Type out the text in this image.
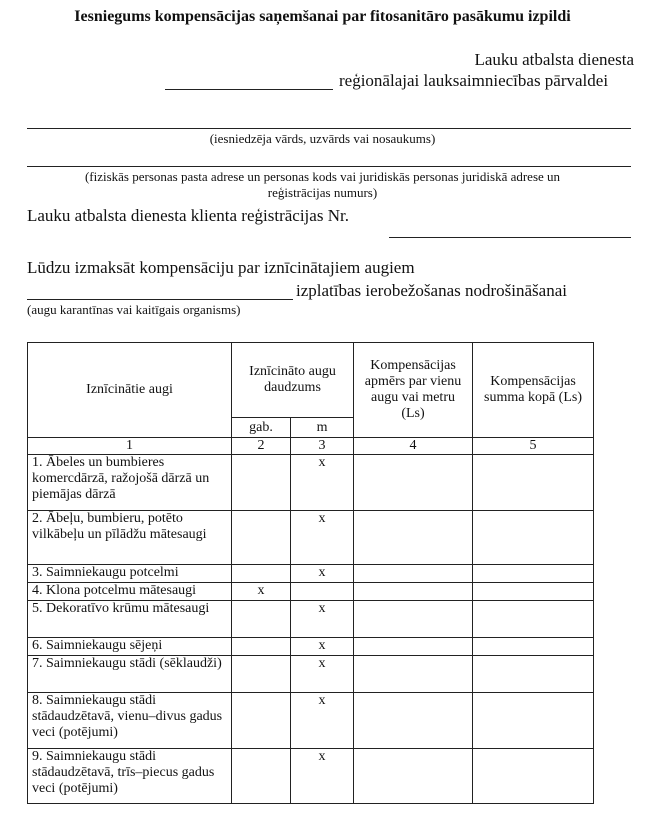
Iesniegums kompensācijas saņemšanai par fitosanitāro pasākumu izpildi
Lauku atbalsta dienesta
reģionālajai lauksaimniecības pārvaldei
(iesniedzēja vārds, uzvārds vai nosaukums)
(fiziskās personas pasta adrese un personas kods vai juridiskās personas juridiskā adrese un
reģistrācijas numurs)
Lauku atbalsta dienesta klienta reģistrācijas Nr.
Lūdzu izmaksāt kompensāciju par iznīcinātajiem augiem
izplatības ierobežošanas nodrošināšanai
(augu karantīnas vai kaitīgais organisms)
Iznīcinātie augi	Iznīcināto augu daudzums		Kompensācijas apmērs par vienu augu vai metru (Ls)	Kompensācijas summa kopā (Ls)
	gab.	m		
1	2	3	4	5
1. Ābeles un bumbieres komercdārzā, ražojošā dārzā un piemājas dārzā		x		
2. Ābeļu, bumbieru, potēto vilkābeļu un pīlādžu mātesaugi		x		
3. Saimniekaugu potcelmi		x		
4. Klona potcelmu mātesaugi	x			
5. Dekoratīvo krūmu mātesaugi		x		
6. Saimniekaugu sējeņi		x		
7. Saimniekaugu stādi (sēklaudži)		x		
8. Saimniekaugu stādi stādaudzētavā, vienu–divus gadus veci (potējumi)		x		
9. Saimniekaugu stādi stādaudzētavā, trīs–piecus gadus veci (potējumi)		x		
